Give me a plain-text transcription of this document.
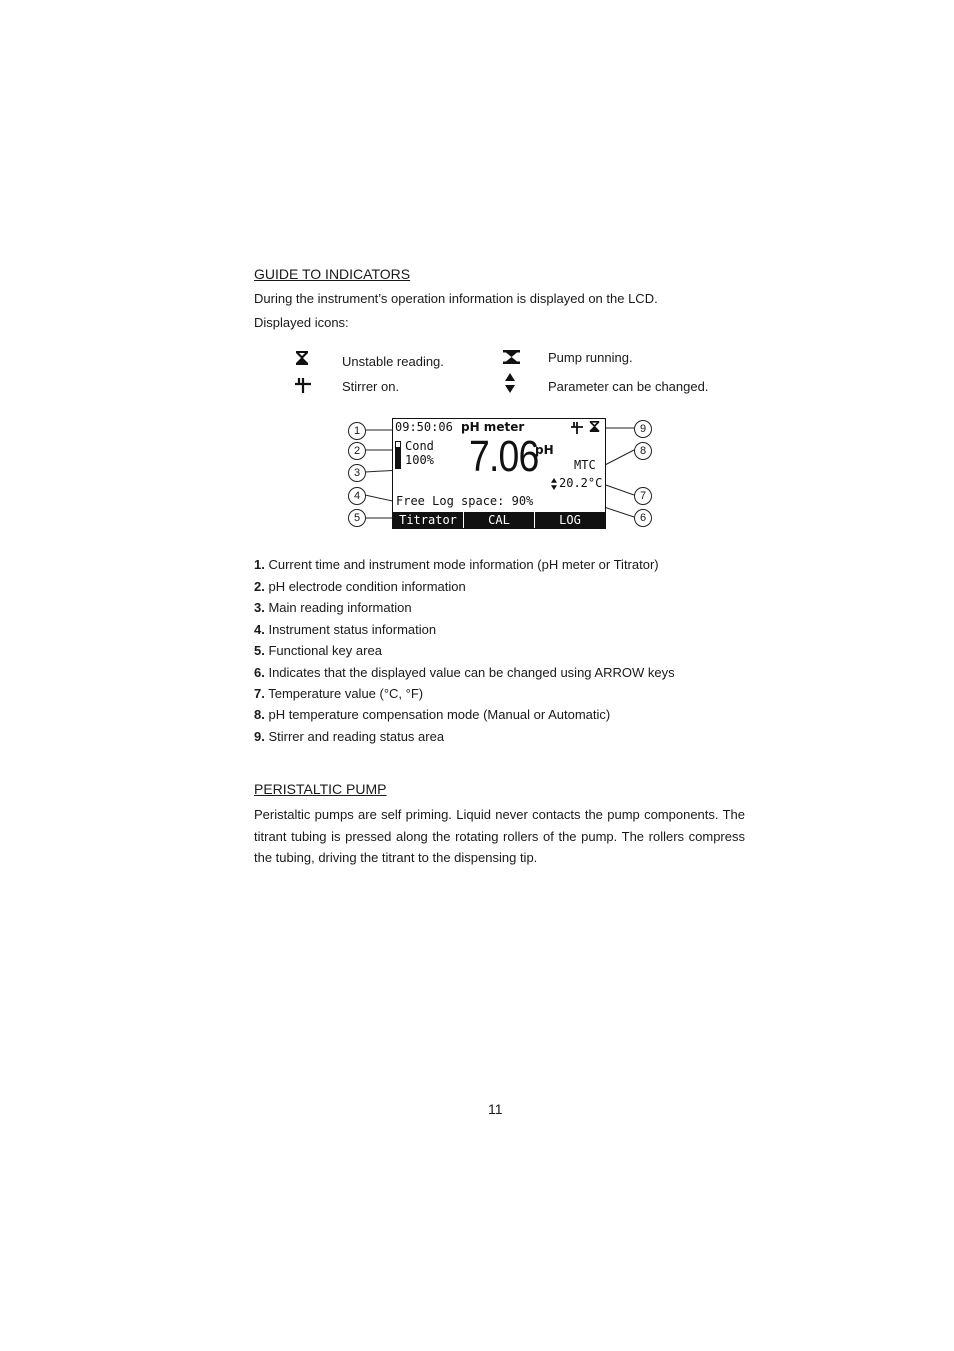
GUIDE TO INDICATORS
During the instrument’s operation information is displayed on the LCD.
Displayed icons:
Unstable reading.
Stirrer on.
Pump running.
Parameter can be changed.
1
2
3
4
5	6
7
8
9
09:50:06 pH meter
Cond
100% 7.06
pH
MTC
20.2°C
Free Log space: 90%
Titrator	CAL	LOG
1. Current time and instrument mode information (pH meter or Titrator)
2. pH electrode condition information
3. Main reading information
4. Instrument status information
5. Functional key area
6. Indicates that the displayed value can be changed using ARROW keys
7. Temperature value (°C, °F)
8. pH temperature compensation mode (Manual or Automatic)
9. Stirrer and reading status area
PERISTALTIC PUMP
Peristaltic pumps are self priming. Liquid never contacts the pump components. The titrant tubing is pressed along the rotating rollers of the pump. The rollers compress the tubing, driving the titrant to the dispensing tip.
11
